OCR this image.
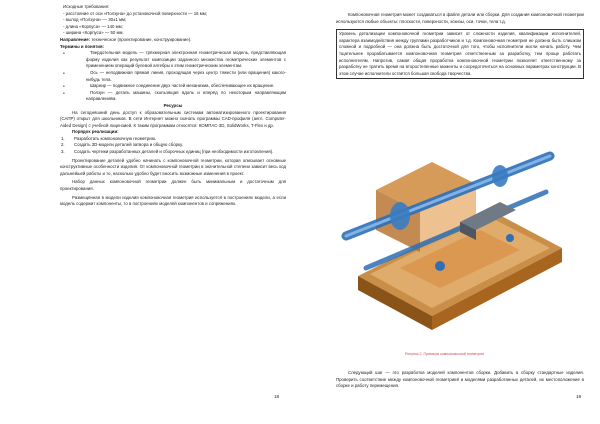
Исходные требования:

- расстояние от оси «Ползуна» до установочной поверхности — 16 мм;

- вылод «Ползуна» — 30±1 мм;

- длина «Корпуса» — 140 мм;

- ширина «Корпуса» — 50 мм.

Направление: техническое (проектирование, конструирование).

Термины и понятия:

● Твердотельная модель — трёхмерная электронная геометрическая модель, представляющая форму изделия как результат композиции заданного множества геометрических элементов с применением операций булевой алгебры к этим геометрическим элементам.

● Ось — неподвижная прямая линия, проходящая через центр тяжести (или вращения) какого-нибудь тела.

● Шарнир — подвижное соединение двух частей механизма, обеспечивающее их вращение.

● Ползун — деталь машины, скользящая вдоль и вперёд по некоторым направляющим направлениям.

Ресурсы

На сегодняшний день доступ к образовательным системам автоматизированного проектирования (САПР) открыт для школьников. В сети Интернет можно скачать программы САD-профиля (англ. Computer-Aided Design) с учебной лицензией. К таким программам относятся: КОМПАС-3D, SolidWorks, T-Flex и др.

Порядок реализации:

1. Разработать компоновочную геометрию.

2. Создать 3D-модели деталей затвора и общую сборку.

3. Создать чертежи разработанных деталей и сборочных единиц (при необходимости изготовления).

Проектирование деталей удобно начинать с компоновочной геометрии, которая описывает основные конструктивные особенности изделия. От компоновочной геометрии в значительной степени зависит весь ход дальнейшей работы и то, насколько удобно будет вносить возможные изменения в проект.

Набор данных компоновочной геометрии должен быть минимальным и достаточным для проектирования.

Размещённая в модели изделия компоновочная геометрия используется в построениях модели, а если модель содержит компоненты, то в построениях моделей компонентов и сопряжениях.

18

Компоновочная геометрия может создаваться в файле детали или сборки. Для создания компоновочной геометрии используются любые объекты: плоскости, поверхности, эскизы, оси, точки, тела т.д.

Уровень детализации компоновочной геометрии зависит от сложности изделия, квалификации исполнителей, характера взаимодействия между группами разработчиков и т.д. Компоновочная геометрия не должна быть слишком сложной и подробной — она должна быть достаточной для того, чтобы исполнители могли начать работу. Чем тщательнее прорабатывается компоновочная геометрия ответственным за разработку, тем проще работать исполнителям. Напротив, самая общая проработка компоновочной геометрии позволяет ответственному за разработку не тратить время на второстепенные моменты и сосредоточиться на основных параметрах конструкции. В этом случае исполнители остаётся большая свобода творчества.

Рисунок 2. Примеры компоновочной геометрии

Следующий шаг — это разработка моделей компонентов сборки. Добавить в сборку стандартные изделия. Проверить соответствие между компоновочной геометрией и моделями разработанных деталей, их местоположение в сборке и работу перемещения.

19
